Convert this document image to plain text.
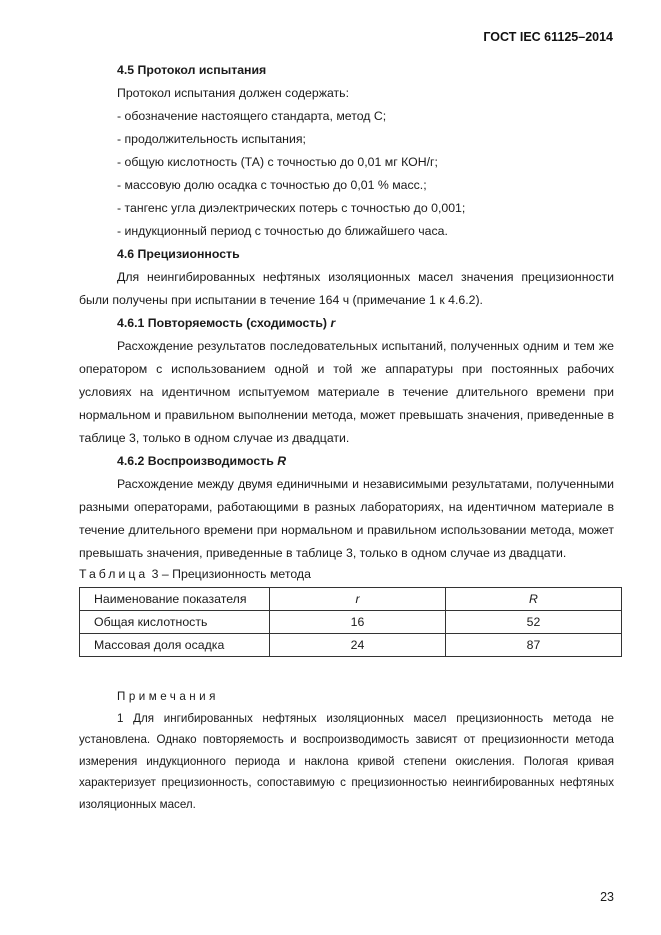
ГОСТ IEC 61125–2014

4.5 Протокол испытания

Протокол испытания должен содержать:

- обозначение настоящего стандарта, метод С;

- продолжительность испытания;

- общую кислотность (ТА) с точностью до 0,01 мг КОН/г;

- массовую долю осадка с точностью до 0,01 % масс.;

- тангенс угла диэлектрических потерь с точностью до 0,001;

- индукционный период с точностью до ближайшего часа.

4.6 Прецизионность

Для неингибированных нефтяных изоляционных масел значения прецизионности были получены при испытании в течение 164 ч (примечание 1 к 4.6.2).

4.6.1 Повторяемость (сходимость) r

Расхождение результатов последовательных испытаний, полученных одним и тем же оператором с использованием одной и той же аппаратуры при постоянных рабочих условиях на идентичном испытуемом материале в течение длительного времени при нормальном и правильном выполнении метода, может превышать значения, приведенные в таблице 3, только в одном случае из двадцати.

4.6.2 Воспроизводимость R

Расхождение между двумя единичными и независимыми результатами, полученными разными операторами, работающими в разных лабораториях, на идентичном материале в течение длительного времени при нормальном и правильном использовании метода, может превышать значения, приведенные в таблице 3, только в одном случае из двадцати.

Таблица 3 – Прецизионность метода

Наименование показателя	r	R
Общая кислотность	16	52
Массовая доля осадка	24	87

Примечания

1 Для ингибированных нефтяных изоляционных масел прецизионность метода не установлена. Однако повторяемость и воспроизводимость зависят от прецизионности метода измерения индукционного периода и наклона кривой степени окисления. Пологая кривая характеризует прецизионность, сопоставимую с прецизионностью неингибированных нефтяных изоляционных масел.

23
